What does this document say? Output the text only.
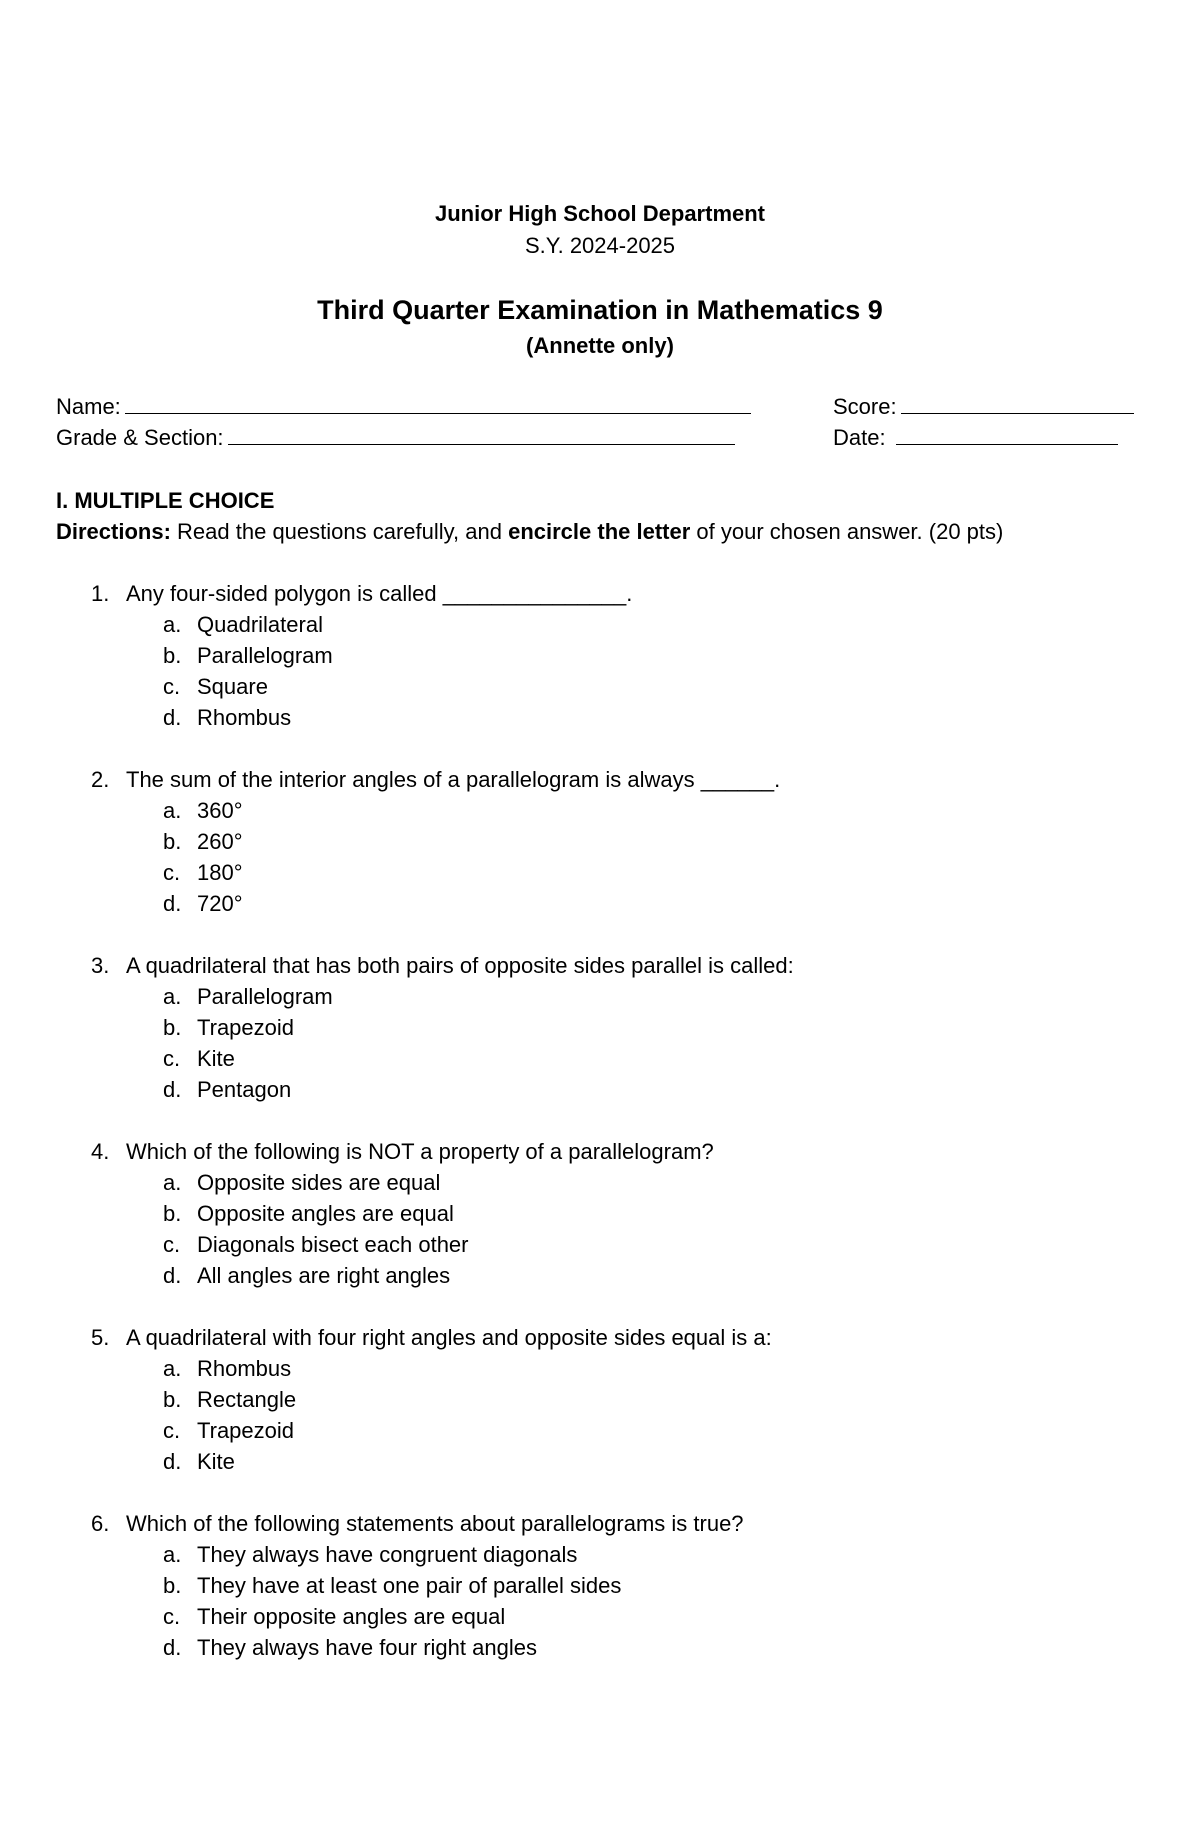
Junior High School Department
S.Y. 2024-2025
Third Quarter Examination in Mathematics 9
(Annette only)
Name:	Score:
Grade & Section:	Date:
I. MULTIPLE CHOICE
Directions: Read the questions carefully, and encircle the letter of your chosen answer. (20 pts)
1. Any four-sided polygon is called _______________.
a. Quadrilateral
b. Parallelogram
c. Square
d. Rhombus
2. The sum of the interior angles of a parallelogram is always ______.
a. 360°
b. 260°
c. 180°
d. 720°
3. A quadrilateral that has both pairs of opposite sides parallel is called:
a. Parallelogram
b. Trapezoid
c. Kite
d. Pentagon
4. Which of the following is NOT a property of a parallelogram?
a. Opposite sides are equal
b. Opposite angles are equal
c. Diagonals bisect each other
d. All angles are right angles
5. A quadrilateral with four right angles and opposite sides equal is a:
a. Rhombus
b. Rectangle
c. Trapezoid
d. Kite
6. Which of the following statements about parallelograms is true?
a. They always have congruent diagonals
b. They have at least one pair of parallel sides
c. Their opposite angles are equal
d. They always have four right angles
